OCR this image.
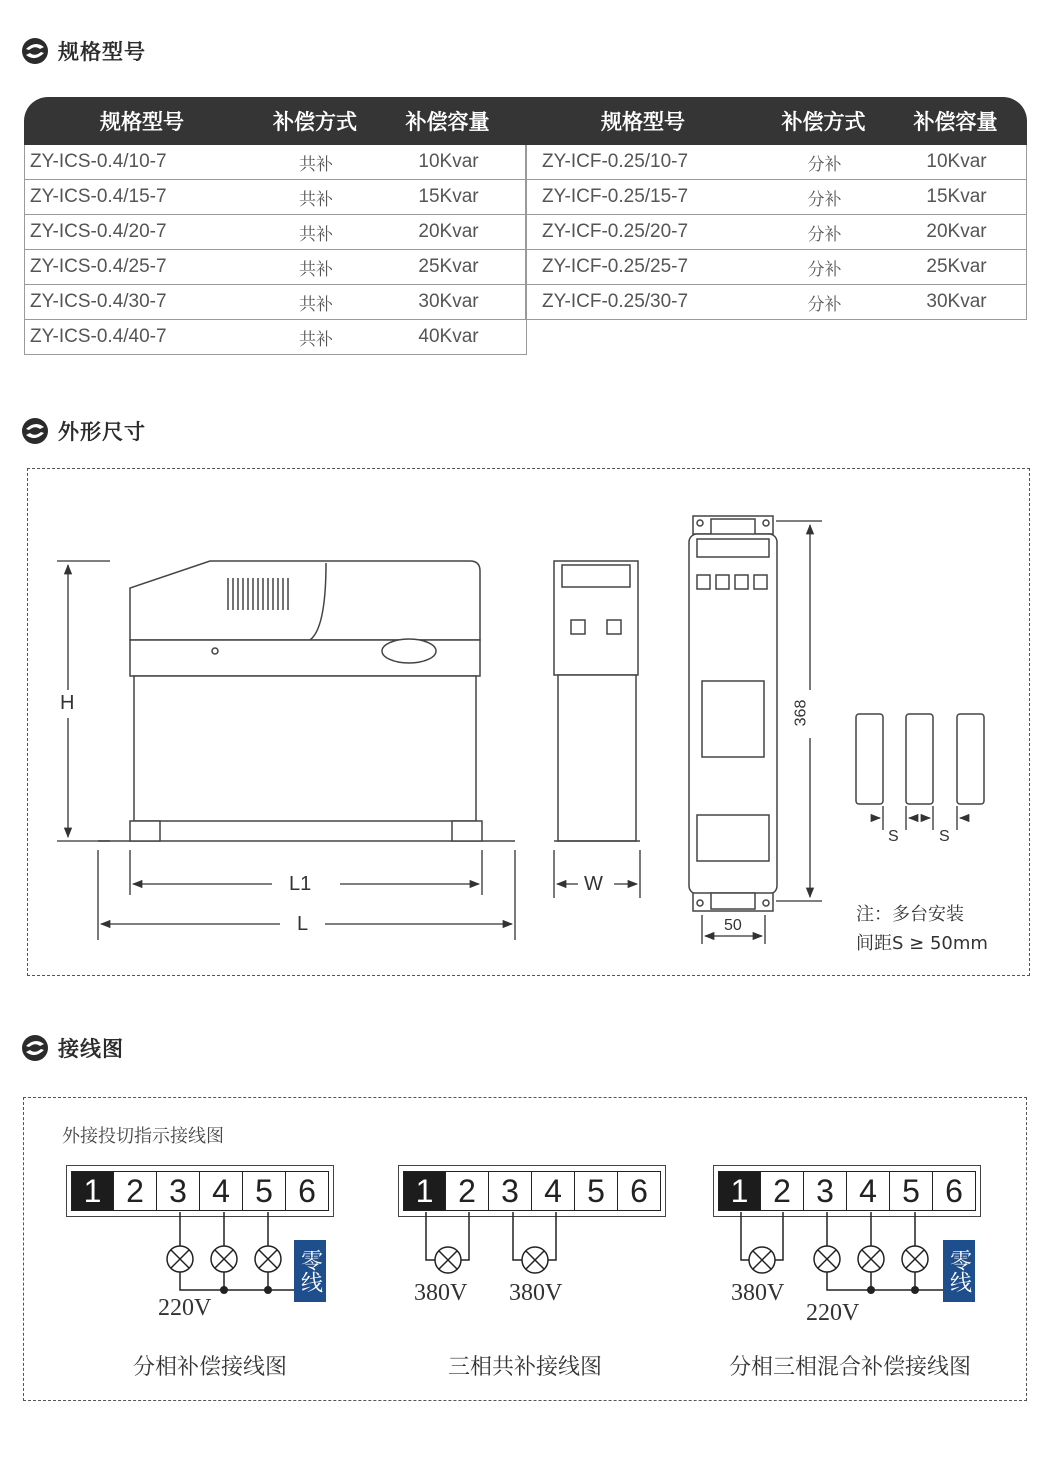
规格型号
规格型号	补偿方式	补偿容量
ZY-ICS-0.4/10-7	共补	10Kvar
ZY-ICS-0.4/15-7	共补	15Kvar
ZY-ICS-0.4/20-7	共补	20Kvar
ZY-ICS-0.4/25-7	共补	25Kvar
ZY-ICS-0.4/30-7	共补	30Kvar
ZY-ICS-0.4/40-7	共补	40Kvar
规格型号	补偿方式	补偿容量
ZY-ICF-0.25/10-7	分补	10Kvar
ZY-ICF-0.25/15-7	分补	15Kvar
ZY-ICF-0.25/20-7	分补	20Kvar
ZY-ICF-0.25/25-7	分补	25Kvar
ZY-ICF-0.25/30-7	分补	30Kvar
外形尺寸
H
L1
L
W
368
50
S	S
注：多台安装
间距S ≥ 50mm
接线图
外接投切指示接线图
1 2 3 4 5 6	1 2 3 4 5 6	1 2 3 4 5 6
零线	零线
220V
380V 380V	380V
220V
分相补偿接线图	三相共补接线图	分相三相混合补偿接线图
